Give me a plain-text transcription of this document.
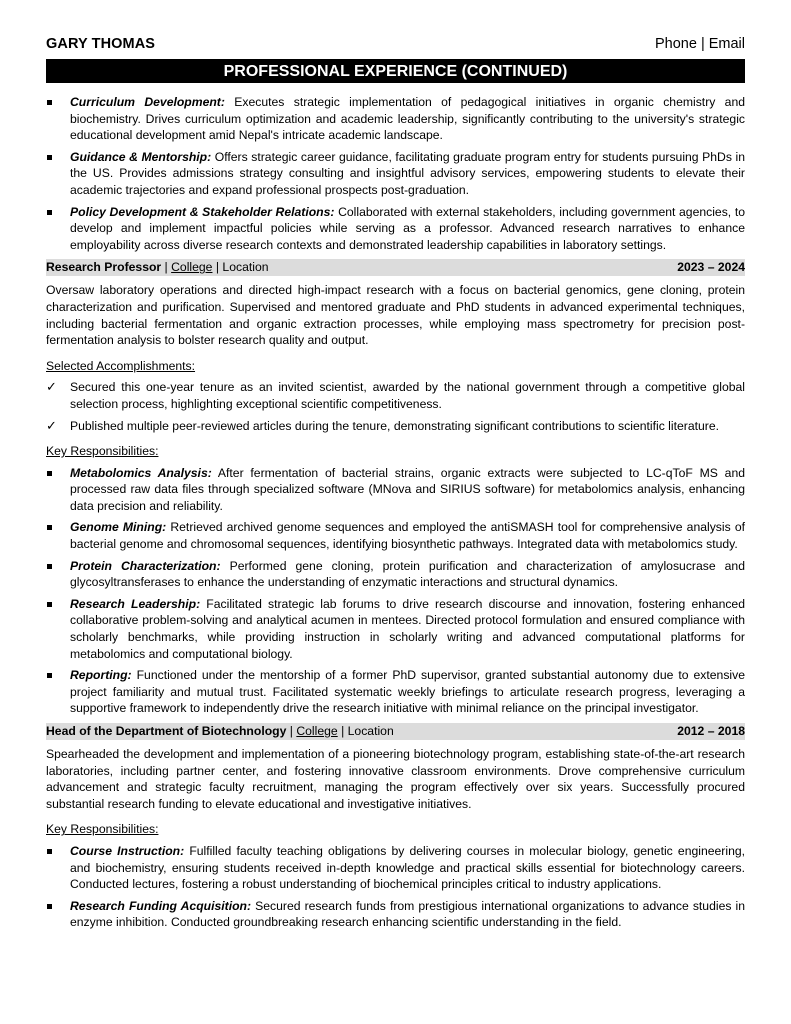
GARY THOMAS	Phone | Email
PROFESSIONAL EXPERIENCE (CONTINUED)
Curriculum Development: Executes strategic implementation of pedagogical initiatives in organic chemistry and biochemistry. Drives curriculum optimization and academic leadership, significantly contributing to the university's strategic educational development amid Nepal's intricate academic landscape.
Guidance & Mentorship: Offers strategic career guidance, facilitating graduate program entry for students pursuing PhDs in the US. Provides admissions strategy consulting and insightful advisory services, empowering students to elevate their academic trajectories and expand professional prospects post-graduation.
Policy Development & Stakeholder Relations: Collaborated with external stakeholders, including government agencies, to develop and implement impactful policies while serving as a professor. Advanced research narratives to enhance employability across diverse research contexts and demonstrated leadership capabilities in laboratory settings.
Research Professor | College | Location	2023 – 2024
Oversaw laboratory operations and directed high-impact research with a focus on bacterial genomics, gene cloning, protein characterization and purification. Supervised and mentored graduate and PhD students in advanced experimental techniques, including bacterial fermentation and organic extraction processes, while employing mass spectrometry for precision post-fermentation analysis to bolster research quality and output.
Selected Accomplishments:
✓	Secured this one-year tenure as an invited scientist, awarded by the national government through a competitive global selection process, highlighting exceptional scientific competitiveness.
✓	Published multiple peer-reviewed articles during the tenure, demonstrating significant contributions to scientific literature.
Key Responsibilities:
Metabolomics Analysis: After fermentation of bacterial strains, organic extracts were subjected to LC-qToF MS and processed raw data files through specialized software (MNova and SIRIUS software) for metabolomics analysis, enhancing data precision and reliability.
Genome Mining: Retrieved archived genome sequences and employed the antiSMASH tool for comprehensive analysis of bacterial genome and chromosomal sequences, identifying biosynthetic pathways. Integrated data with metabolomics study.
Protein Characterization: Performed gene cloning, protein purification and characterization of amylosucrase and glycosyltransferases to enhance the understanding of enzymatic interactions and structural dynamics.
Research Leadership: Facilitated strategic lab forums to drive research discourse and innovation, fostering enhanced collaborative problem-solving and analytical acumen in mentees. Directed protocol formulation and ensured compliance with scholarly benchmarks, while providing instruction in scholarly writing and advanced computational platforms for metabolomics and computational biology.
Reporting: Functioned under the mentorship of a former PhD supervisor, granted substantial autonomy due to extensive project familiarity and mutual trust. Facilitated systematic weekly briefings to articulate research progress, leveraging a supportive framework to independently drive the research initiative with minimal reliance on the principal investigator.
Head of the Department of Biotechnology | College | Location	2012 – 2018
Spearheaded the development and implementation of a pioneering biotechnology program, establishing state-of-the-art research laboratories, including partner center, and fostering innovative classroom environments. Drove comprehensive curriculum advancement and strategic faculty recruitment, managing the program effectively over six years. Successfully procured substantial research funding to elevate educational and investigative initiatives.
Key Responsibilities:
Course Instruction: Fulfilled faculty teaching obligations by delivering courses in molecular biology, genetic engineering, and biochemistry, ensuring students received in-depth knowledge and practical skills essential for biotechnology careers. Conducted lectures, fostering a robust understanding of biochemical principles critical to industry applications.
Research Funding Acquisition: Secured research funds from prestigious international organizations to advance studies in enzyme inhibition. Conducted groundbreaking research enhancing scientific understanding in the field.
